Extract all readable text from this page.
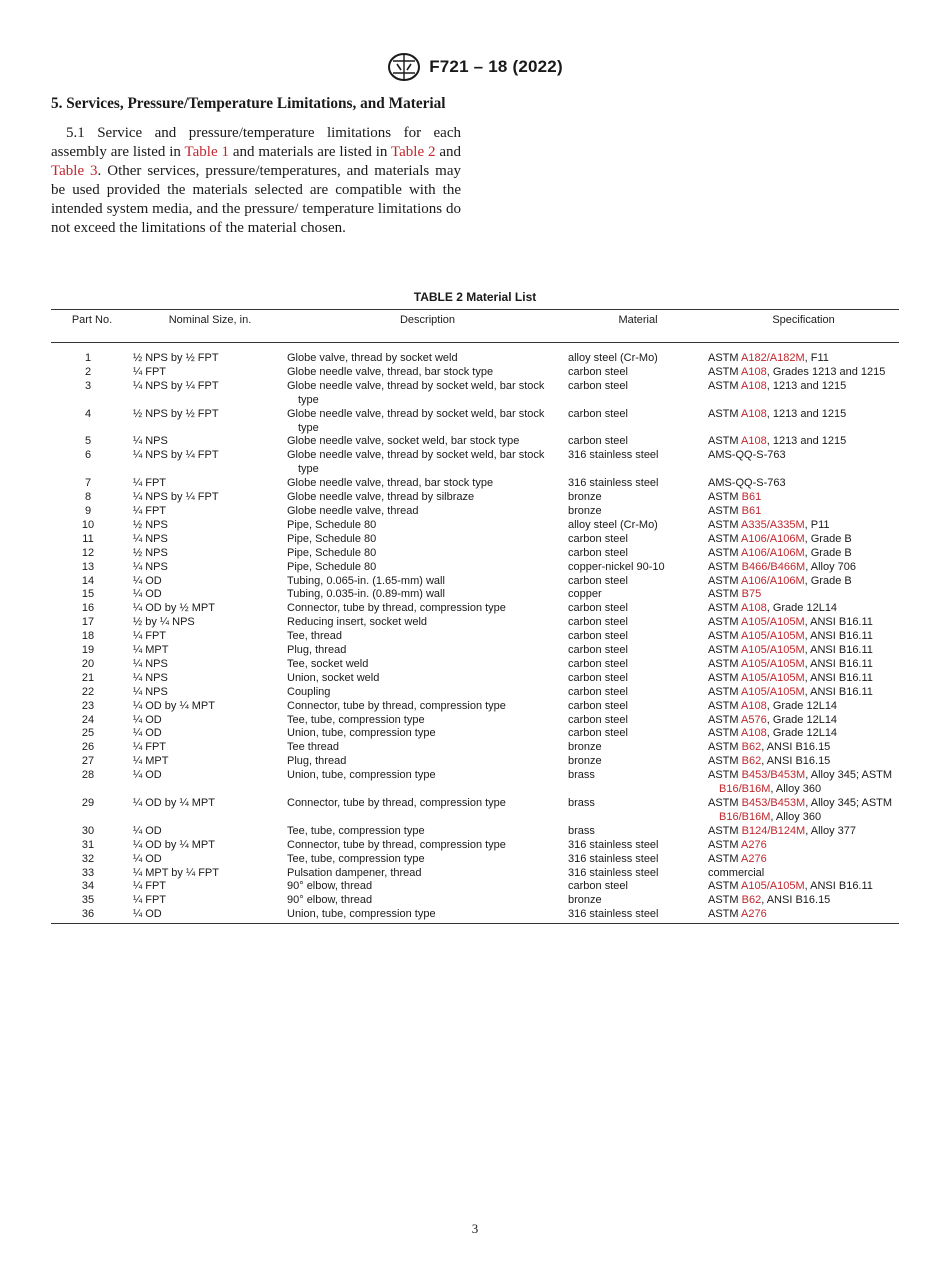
F721 – 18 (2022)
5. Services, Pressure/Temperature Limitations, and Material

5.1 Service and pressure/temperature limitations for each assembly are listed in Table 1 and materials are listed in Table 2 and Table 3. Other services, pressure/temperatures, and materials may be used provided the materials selected are compatible with the intended system media, and the pressure/ temperature limitations do not exceed the limitations of the material chosen.

TABLE 2 Material List
Part No.	Nominal Size, in.	Description	Material	Specification
1	½ NPS by ½ FPT	Globe valve, thread by socket weld	alloy steel (Cr-Mo)	ASTM A182/A182M, F11
2	¼ FPT	Globe needle valve, thread, bar stock type	carbon steel	ASTM A108, Grades 1213 and 1215
3	¼ NPS by ¼ FPT	Globe needle valve, thread by socket weld, bar stock type	carbon steel	ASTM A108, 1213 and 1215
4	½ NPS by ½ FPT	Globe needle valve, thread by socket weld, bar stock type	carbon steel	ASTM A108, 1213 and 1215
5	¼ NPS	Globe needle valve, socket weld, bar stock type	carbon steel	ASTM A108, 1213 and 1215
6	¼ NPS by ¼ FPT	Globe needle valve, thread by socket weld, bar stock type	316 stainless steel	AMS-QQ-S-763
7	¼ FPT	Globe needle valve, thread, bar stock type	316 stainless steel	AMS-QQ-S-763
8	¼ NPS by ¼ FPT	Globe needle valve, thread by silbraze	bronze	ASTM B61
9	¼ FPT	Globe needle valve, thread	bronze	ASTM B61
10	½ NPS	Pipe, Schedule 80	alloy steel (Cr-Mo)	ASTM A335/A335M, P11
11	¼ NPS	Pipe, Schedule 80	carbon steel	ASTM A106/A106M, Grade B
12	½ NPS	Pipe, Schedule 80	carbon steel	ASTM A106/A106M, Grade B
13	¼ NPS	Pipe, Schedule 80	copper-nickel 90-10	ASTM B466/B466M, Alloy 706
14	¼ OD	Tubing, 0.065-in. (1.65-mm) wall	carbon steel	ASTM A106/A106M, Grade B
15	¼ OD	Tubing, 0.035-in. (0.89-mm) wall	copper	ASTM B75
16	¼ OD by ½ MPT	Connector, tube by thread, compression type	carbon steel	ASTM A108, Grade 12L14
17	½ by ¼ NPS	Reducing insert, socket weld	carbon steel	ASTM A105/A105M, ANSI B16.11
18	¼ FPT	Tee, thread	carbon steel	ASTM A105/A105M, ANSI B16.11
19	¼ MPT	Plug, thread	carbon steel	ASTM A105/A105M, ANSI B16.11
20	¼ NPS	Tee, socket weld	carbon steel	ASTM A105/A105M, ANSI B16.11
21	¼ NPS	Union, socket weld	carbon steel	ASTM A105/A105M, ANSI B16.11
22	¼ NPS	Coupling	carbon steel	ASTM A105/A105M, ANSI B16.11
23	¼ OD by ¼ MPT	Connector, tube by thread, compression type	carbon steel	ASTM A108, Grade 12L14
24	¼ OD	Tee, tube, compression type	carbon steel	ASTM A576, Grade 12L14
25	¼ OD	Union, tube, compression type	carbon steel	ASTM A108, Grade 12L14
26	¼ FPT	Tee thread	bronze	ASTM B62, ANSI B16.15
27	¼ MPT	Plug, thread	bronze	ASTM B62, ANSI B16.15
28	¼ OD	Union, tube, compression type	brass	ASTM B453/B453M, Alloy 345; ASTM
B16/B16M, Alloy 360
29	¼ OD by ¼ MPT	Connector, tube by thread, compression type	brass	ASTM B453/B453M, Alloy 345; ASTM
B16/B16M, Alloy 360
30	¼ OD	Tee, tube, compression type	brass	ASTM B124/B124M, Alloy 377
31	¼ OD by ¼ MPT	Connector, tube by thread, compression type	316 stainless steel	ASTM A276
32	¼ OD	Tee, tube, compression type	316 stainless steel	ASTM A276
33	¼ MPT by ¼ FPT	Pulsation dampener, thread	316 stainless steel	commercial
34	¼ FPT	90° elbow, thread	carbon steel	ASTM A105/A105M, ANSI B16.11
35	¼ FPT	90° elbow, thread	bronze	ASTM B62, ANSI B16.15
36	¼ OD	Union, tube, compression type	316 stainless steel	ASTM A276
3
